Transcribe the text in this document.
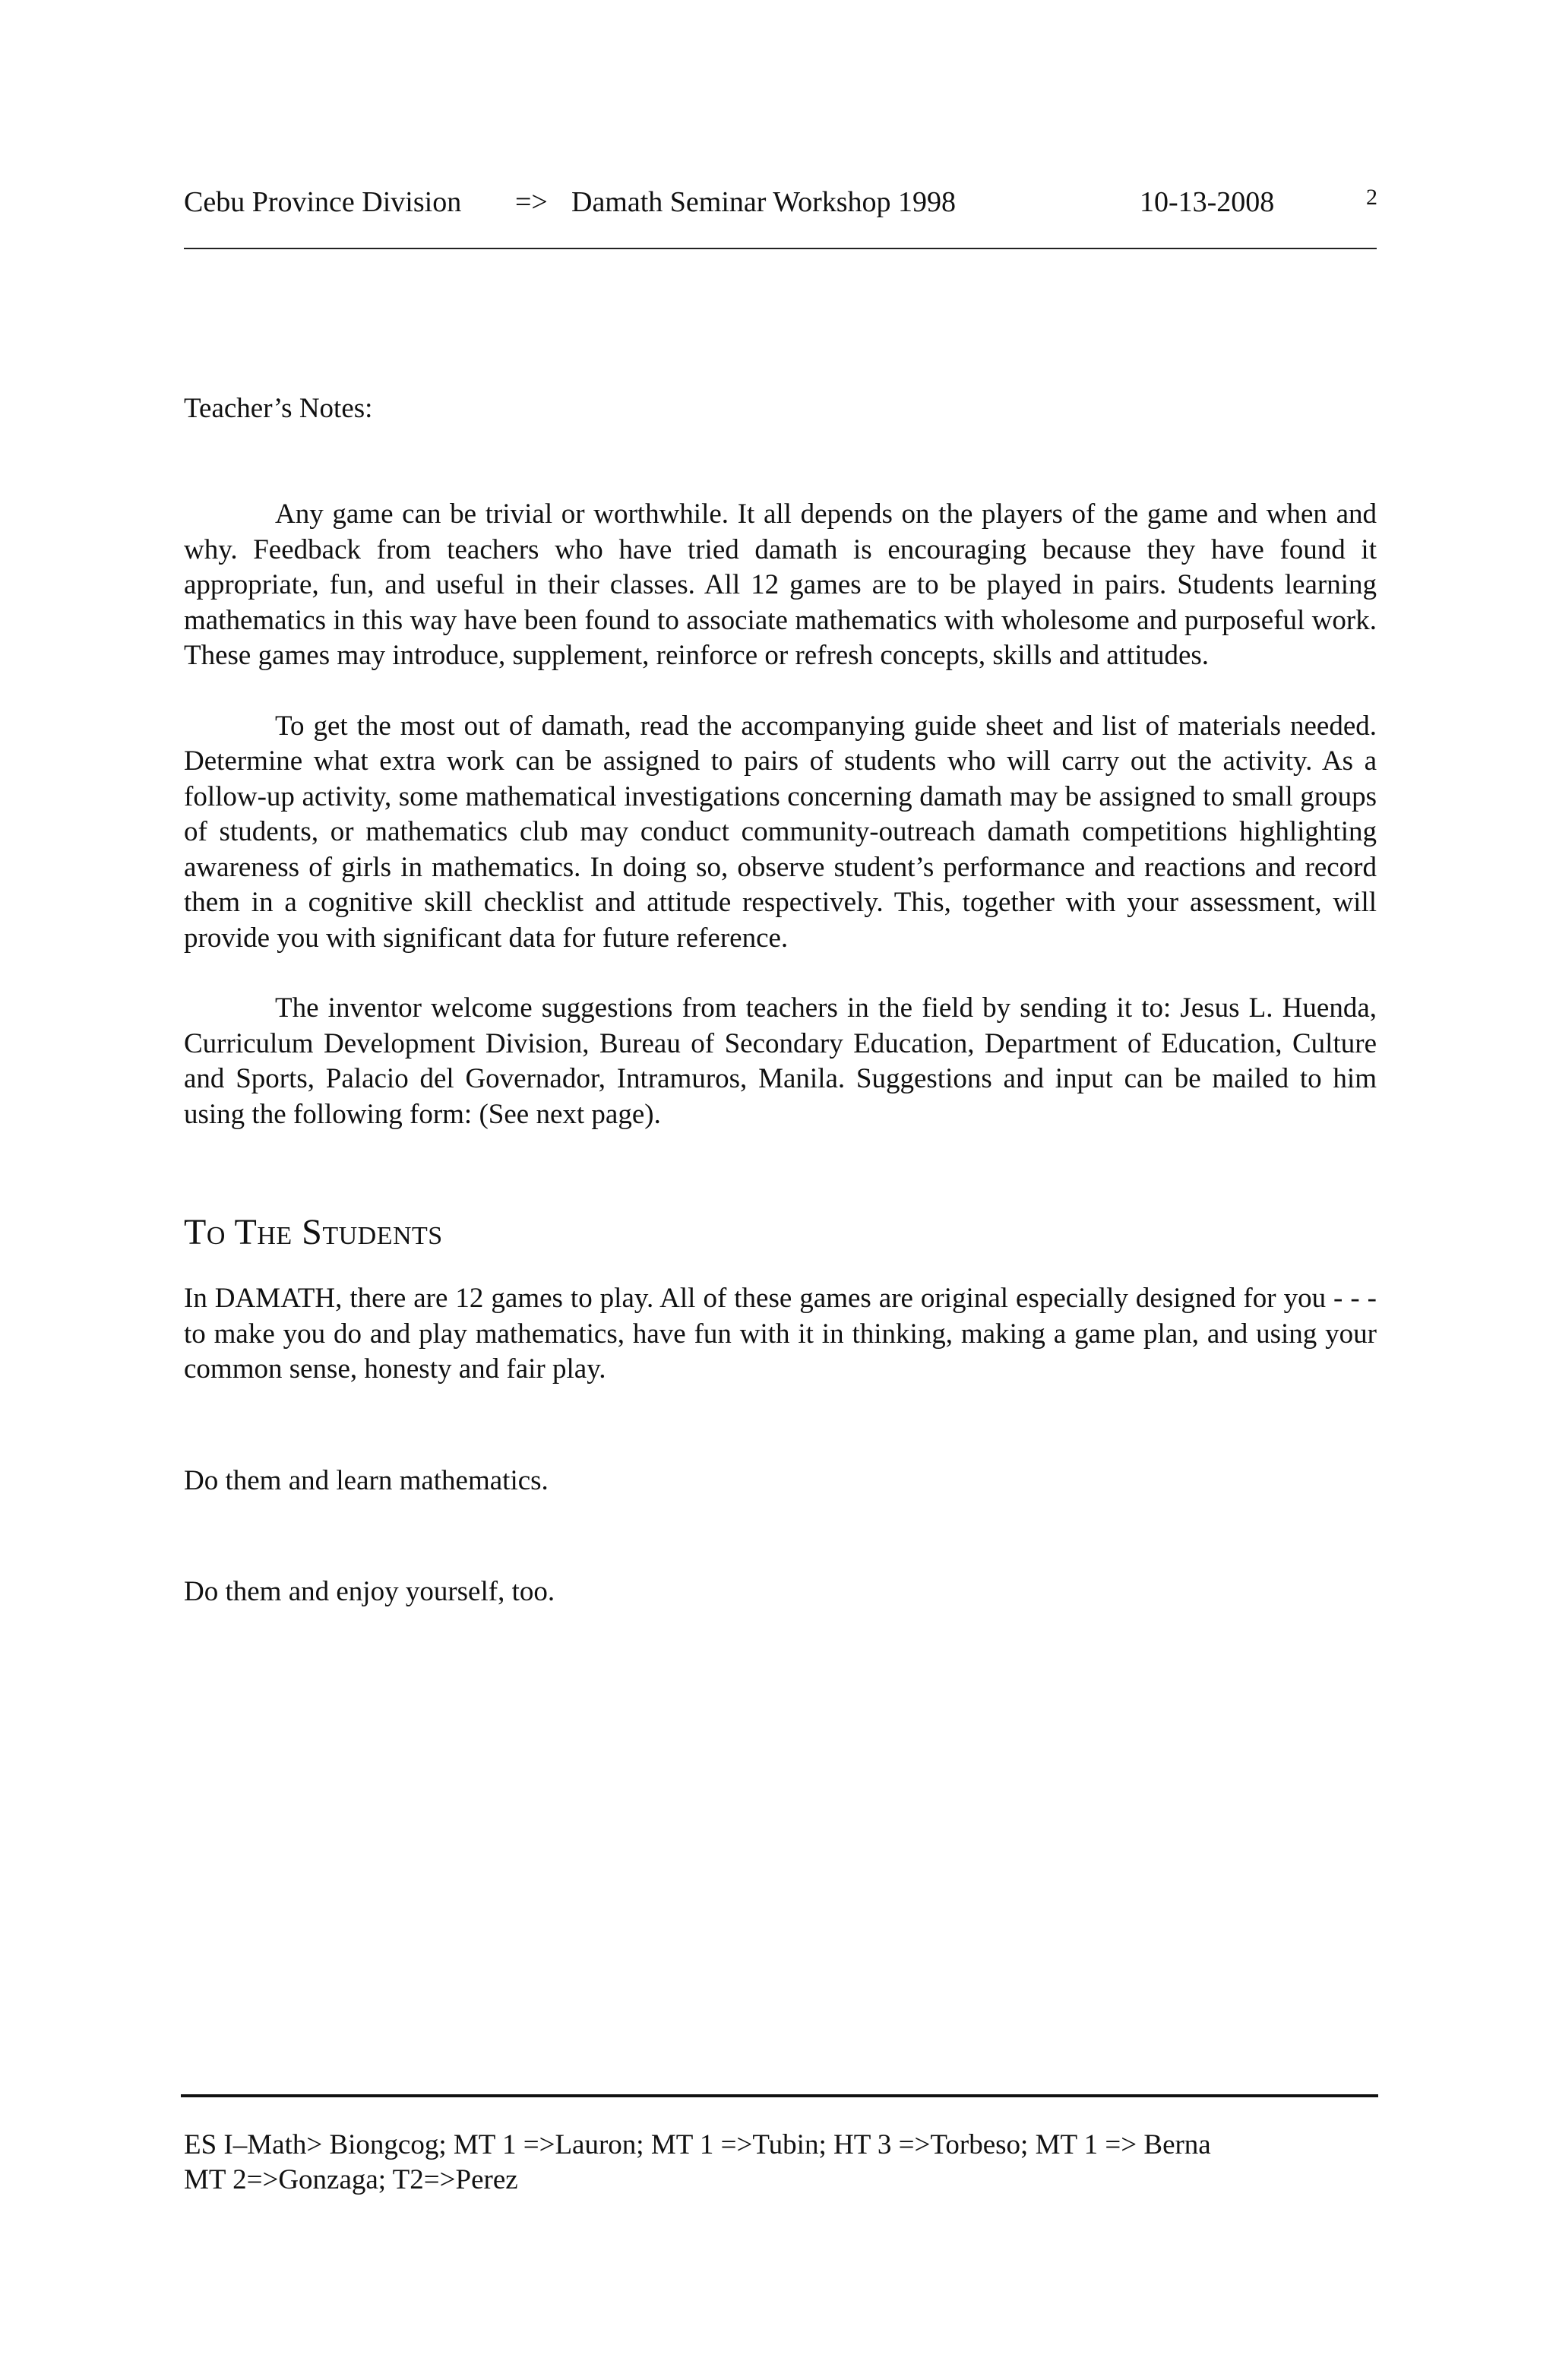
Cebu Province Division => Damath Seminar Workshop 1998	10-13-2008	2
Teacher’s Notes:

Any game can be trivial or worthwhile. It all depends on the players of the game and when and why. Feedback from teachers who have tried damath is encouraging because they have found it appropriate, fun, and useful in their classes. All 12 games are to be played in pairs. Students learning mathematics in this way have been found to associate mathematics with wholesome and purposeful work. These games may introduce, supplement, reinforce or refresh concepts, skills and attitudes.

To get the most out of damath, read the accompanying guide sheet and list of materials needed. Determine what extra work can be assigned to pairs of students who will carry out the activity. As a follow-up activity, some mathematical investigations concerning damath may be assigned to small groups of students, or mathematics club may conduct community-outreach damath competitions highlighting awareness of girls in mathematics. In doing so, observe student’s performance and reactions and record them in a cognitive skill checklist and attitude respectively. This, together with your assessment, will provide you with significant data for future reference.

The inventor welcome suggestions from teachers in the field by sending it to: Jesus L. Huenda, Curriculum Development Division, Bureau of Secondary Education, Department of Education, Culture and Sports, Palacio del Governador, Intramuros, Manila. Suggestions and input can be mailed to him using the following form: (See next page).

To The Students

In DAMATH, there are 12 games to play. All of these games are original especially designed for you - - - to make you do and play mathematics, have fun with it in thinking, making a game plan, and using your common sense, honesty and fair play.

Do them and learn mathematics.

Do them and enjoy yourself, too.

ES I–Math> Biongcog; MT 1 =>Lauron; MT 1 =>Tubin; HT 3 =>Torbeso; MT 1 => Berna
MT 2=>Gonzaga; T2=>Perez
